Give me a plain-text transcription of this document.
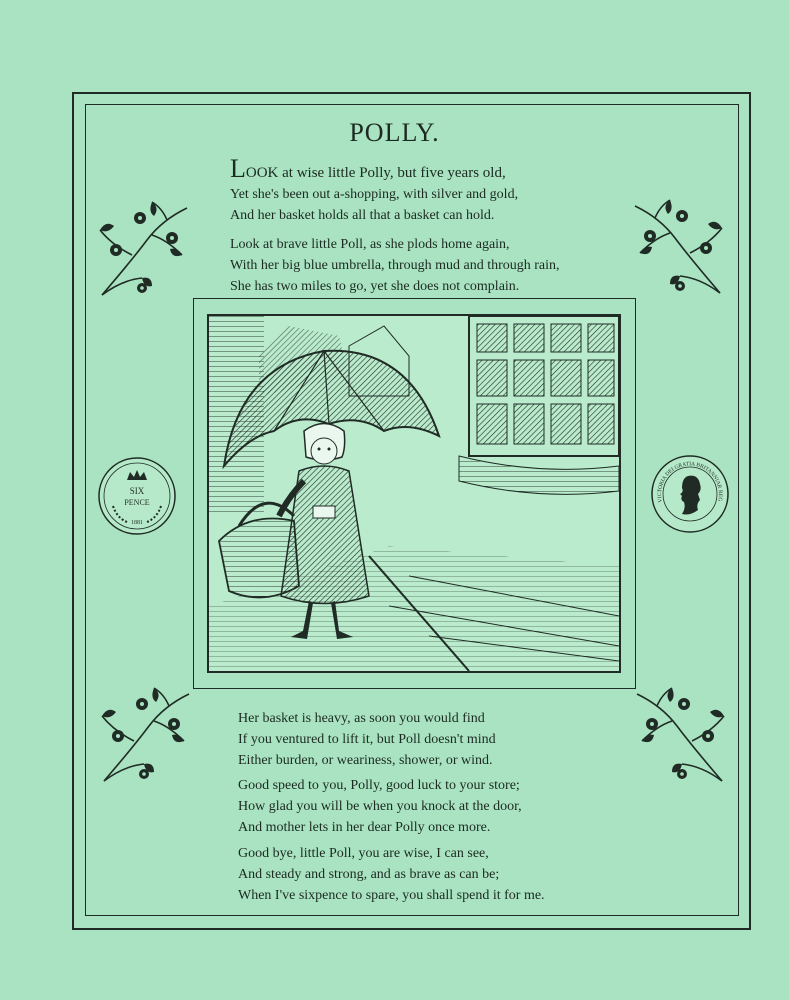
POLLY.
LOOK at wise little Polly, but five years old,
Yet she's been out a-shopping, with silver and gold,
And her basket holds all that a basket can hold.
Look at brave little Poll, as she plods home again,
With her big blue umbrella, through mud and through rain,
She has two miles to go, yet she does not complain.
Her basket is heavy, as soon you would find
If you ventured to lift it, but Poll doesn't mind
Either burden, or weariness, shower, or wind.
Good speed to you, Polly, good luck to your store;
How glad you will be when you knock at the door,
And mother lets in her dear Polly once more.
Good bye, little Poll, you are wise, I can see,
And steady and strong, and as brave as can be;
When I've sixpence to spare, you shall spend it for me.
SIX
PENCE
1881
VICTORIA DEI GRATIA BRITANNIAR REG
